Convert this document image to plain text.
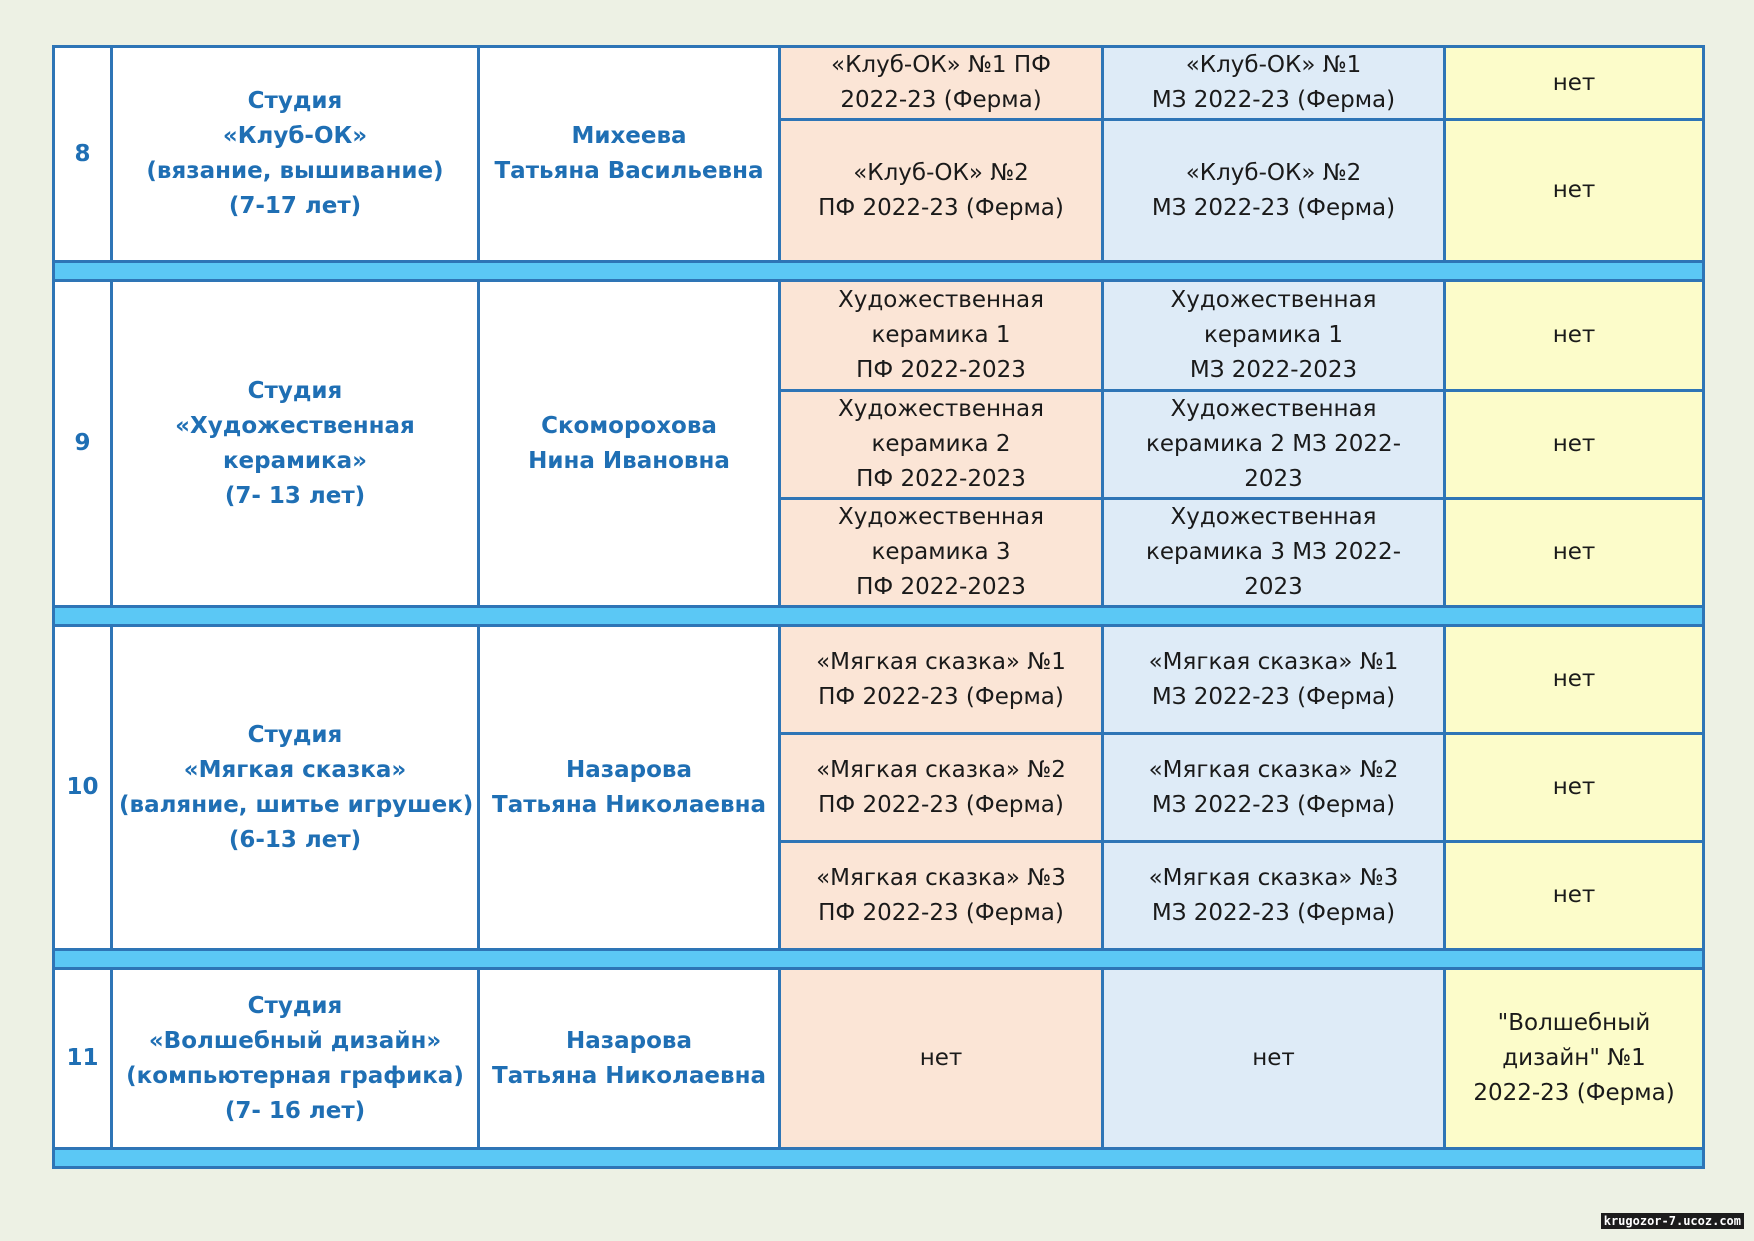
8	Студия
«Клуб-ОК»
(вязание, вышивание)
(7-17 лет)	Михеева
Татьяна Васильевна	«Клуб-ОК» №1 ПФ
2022-23 (Ферма)	«Клуб-ОК» №1
МЗ 2022-23 (Ферма)	нет

			«Клуб-ОК» №2
ПФ 2022-23 (Ферма)	«Клуб-ОК» №2
МЗ 2022-23 (Ферма)	нет

9	Студия
«Художественная
керамика»
(7- 13 лет)	Скоморохова
Нина Ивановна	Художественная
керамика 1
ПФ 2022-2023	Художественная
керамика 1
МЗ 2022-2023	нет

			Художественная
керамика 2
ПФ 2022-2023	Художественная
керамика 2 МЗ 2022-
2023	нет

			Художественная
керамика 3
ПФ 2022-2023	Художественная
керамика 3 МЗ 2022-
2023	нет

10	Студия
«Мягкая сказка»
(валяние, шитье игрушек)
(6-13 лет)	Назарова
Татьяна Николаевна	«Мягкая сказка» №1
ПФ 2022-23 (Ферма)	«Мягкая сказка» №1
МЗ 2022-23 (Ферма)	нет

			«Мягкая сказка» №2
ПФ 2022-23 (Ферма)	«Мягкая сказка» №2
МЗ 2022-23 (Ферма)	нет

			«Мягкая сказка» №3
ПФ 2022-23 (Ферма)	«Мягкая сказка» №3
МЗ 2022-23 (Ферма)	нет

11	Студия
«Волшебный дизайн»
(компьютерная графика)
(7- 16 лет)	Назарова
Татьяна Николаевна	нет	нет	"Волшебный
дизайн" №1
2022-23 (Ферма)

krugozor-7.ucoz.com
